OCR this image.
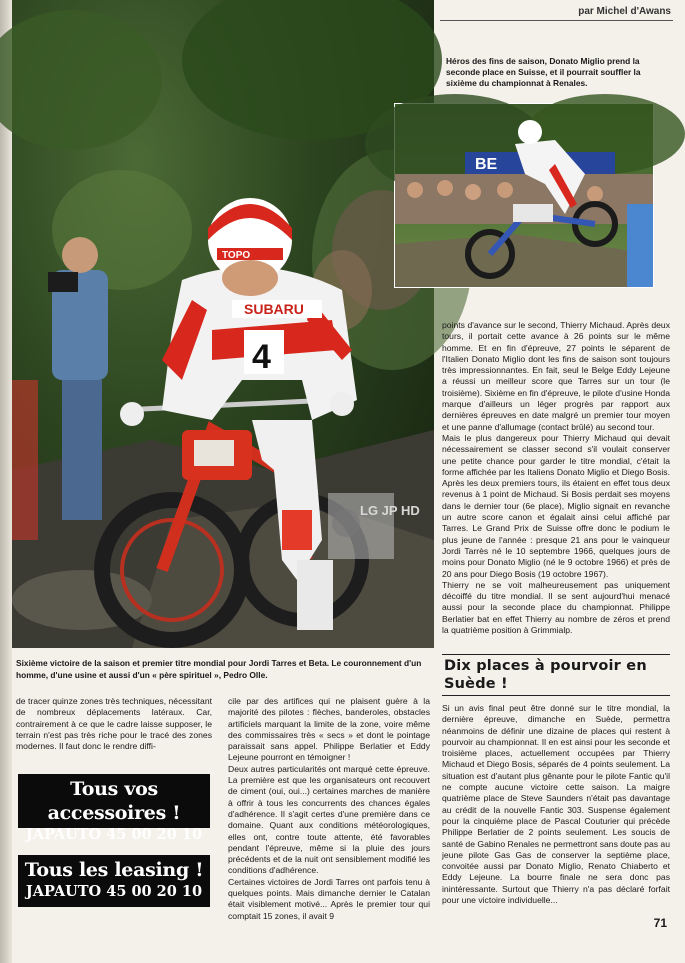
par Michel d'Awans
SUBARU
4
TOPO
LG JP HD
BE
Héros des fins de saison, Donato Miglio prend la seconde place en Suisse, et il pourrait souffler la sixième du championnat à Renales.
Sixième victoire de la saison et premier titre mondial pour Jordi Tarres et Beta. Le couronnement d'un homme, d'une usine et aussi d'un « père spirituel », Pedro Olle.

points d'avance sur le second, Thierry Michaud. Après deux tours, il portait cette avance à 26 points sur le même homme. Et en fin d'épreuve, 27 points le séparent de l'Italien Donato Miglio dont les fins de saison sont toujours très impressionnantes. En fait, seul le Belge Eddy Lejeune a réussi un meilleur score que Tarres sur un tour (le troisième). Sixième en fin d'épreuve, le pilote d'usine Honda marque d'ailleurs un léger progrès par rapport aux dernières épreuves en date malgré un premier tour moyen et une panne d'allumage (contact brûlé) au second tour.

Mais le plus dangereux pour Thierry Michaud qui devait nécessairement se classer second s'il voulait conserver une petite chance pour garder le titre mondial, c'était la forme affichée par les Italiens Donato Miglio et Diego Bosis. Après les deux premiers tours, ils étaient en effet tous deux revenus à 1 point de Michaud. Si Bosis perdait ses moyens dans le dernier tour (6e place), Miglio signait en revanche un autre score canon et égalait ainsi celui affiché par Tarres. Le Grand Prix de Suisse offre donc le podium le plus jeune de l'année : presque 21 ans pour le vainqueur Jordi Tarrès né le 10 septembre 1966, quelques jours de moins pour Donato Miglio (né le 9 octobre 1966) et près de 20 ans pour Diego Bosis (19 octobre 1967).

Thierry ne se voit malheureusement pas uniquement décoiffé du titre mondial. Il se sent aujourd'hui menacé aussi pour la seconde place du championnat. Philippe Berlatier bat en effet Thierry au nombre de zéros et prend la quatrième position à Grimmialp.

Dix places à pourvoir en Suède !

Si un avis final peut être donné sur le titre mondial, la dernière épreuve, dimanche en Suède, permettra néanmoins de définir une dizaine de places qui restent à pourvoir au championnat. Il en est ainsi pour les seconde et troisième places, actuellement occupées par Thierry Michaud et Diego Bosis, séparés de 4 points seulement. La situation est d'autant plus gênante pour le pilote Fantic qu'il ne compte aucune victoire cette saison. La maigre quatrième place de Steve Saunders n'était pas davantage au crédit de la nouvelle Fantic 303. Suspense également pour la cinquième place de Pascal Couturier qui précède Philippe Berlatier de 2 points seulement. Les soucis de santé de Gabino Renales ne permettront sans doute pas au jeune pilote Gas Gas de conserver la septième place, convoitée aussi par Donato Miglio, Renato Chiaberto et Eddy Lejeune. La bourre finale ne sera donc pas inintéressante. Surtout que Thierry n'a pas déclaré forfait pour une victoire individuelle...

de tracer quinze zones très techniques, nécessitant de nombreux déplacements latéraux. Car, contrairement à ce que le cadre laisse supposer, le terrain n'est pas très riche pour le tracé des zones modernes. Il faut donc le rendre diffi-

cile par des artifices qui ne plaisent guère à la majorité des pilotes : flèches, banderoles, obstacles artificiels marquant la limite de la zone, voire même des commissaires très « secs » et dont le pointage paraissait sans appel. Philippe Berlatier et Eddy Lejeune pourront en témoigner !

Deux autres particularités ont marqué cette épreuve. La première est que les organisateurs ont recouvert de ciment (oui, oui...) certaines marches de manière à offrir à tous les concurrents des chances égales d'adhérence. Il s'agit certes d'une première dans ce domaine. Quant aux conditions météorologiques, elles ont, contre toute attente, été favorables pendant l'épreuve, même si la pluie des jours précédents et de la nuit ont sensiblement modifié les conditions d'adhérence.

Certaines victoires de Jordi Tarres ont parfois tenu à quelques points. Mais dimanche dernier le Catalan était visiblement motivé... Après le premier tour qui comptait 15 zones, il avait 9

Tous vos accessoires !
JAPAUTO 45 00 20 10
Tous les leasing !
JAPAUTO 45 00 20 10
71
